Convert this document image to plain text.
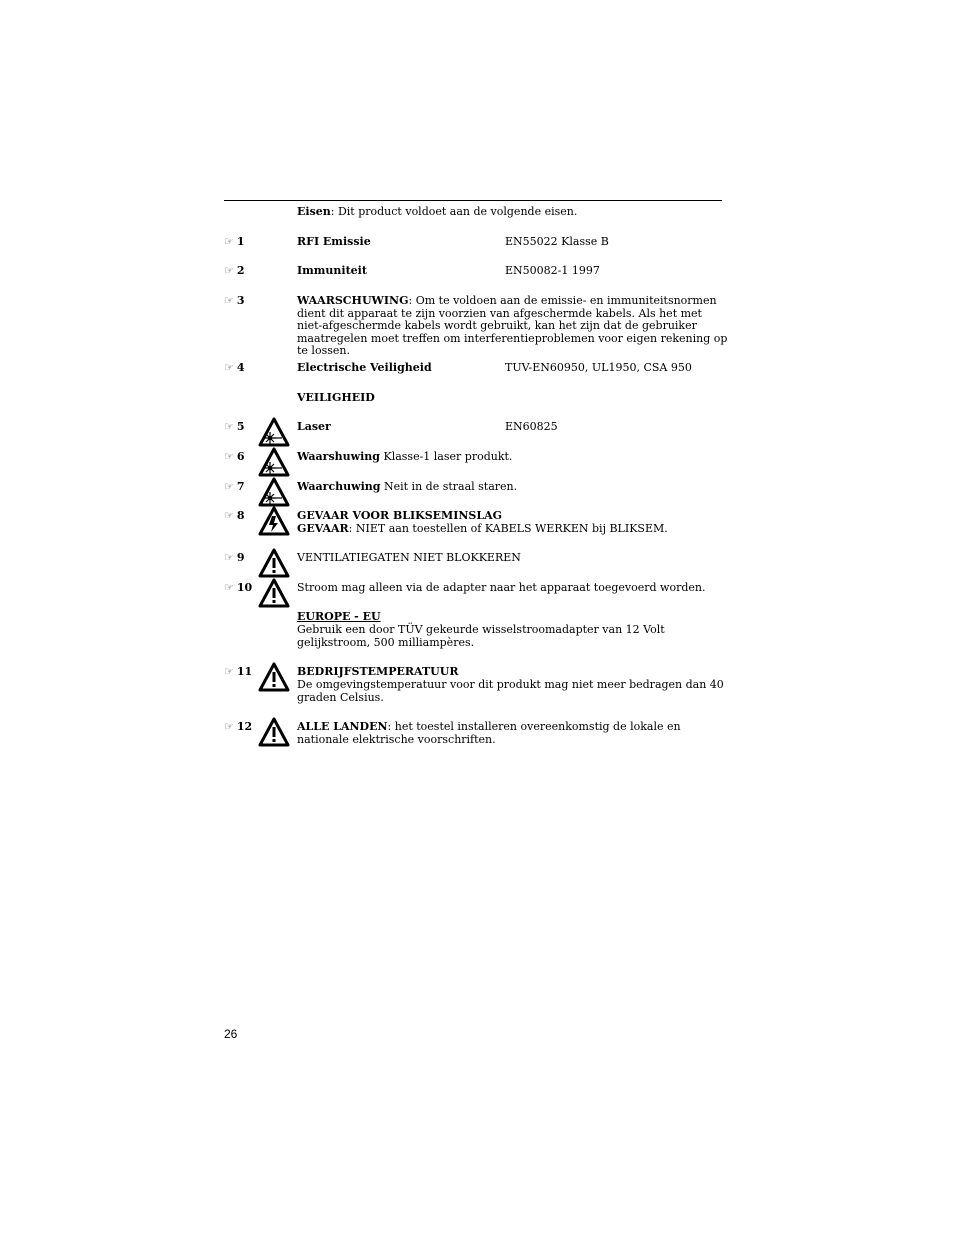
Eisen: Dit product voldoet aan de volgende eisen.
☞ 1	RFI Emissie	EN55022 Klasse B
☞ 2	Immuniteit	EN50082-1 1997
☞ 3	WAARSCHUWING: Om te voldoen aan de emissie- en immuniteitsnormen dient dit apparaat te zijn voorzien van afgeschermde kabels. Als het met niet-afgeschermde kabels wordt gebruikt, kan het zijn dat de gebruiker maatregelen moet treffen om interferentieproblemen voor eigen rekening op te lossen.
☞ 4	Electrische Veiligheid	TUV-EN60950, UL1950, CSA 950
VEILIGHEID
☞ 5	Laser	EN60825
☞ 6	Waarshuwing Klasse-1 laser produkt.
☞ 7	Waarchuwing Neit in de straal staren.
☞ 8	GEVAAR VOOR BLIKSEMINSLAG
GEVAAR: NIET aan toestellen of KABELS WERKEN bij BLIKSEM.
☞ 9	VENTILATIEGATEN NIET BLOKKEREN
☞ 10	Stroom mag alleen via de adapter naar het apparaat toegevoerd worden.
EUROPE - EU
Gebruik een door TÜV gekeurde wisselstroomadapter van 12 Volt gelijkstroom, 500 milliampères.
☞ 11	BEDRIJFSTEMPERATUUR
De omgevingstemperatuur voor dit produkt mag niet meer bedragen dan 40 graden Celsius.
☞ 12	ALLE LANDEN: het toestel installeren overeenkomstig de lokale en nationale elektrische voorschriften.
26
